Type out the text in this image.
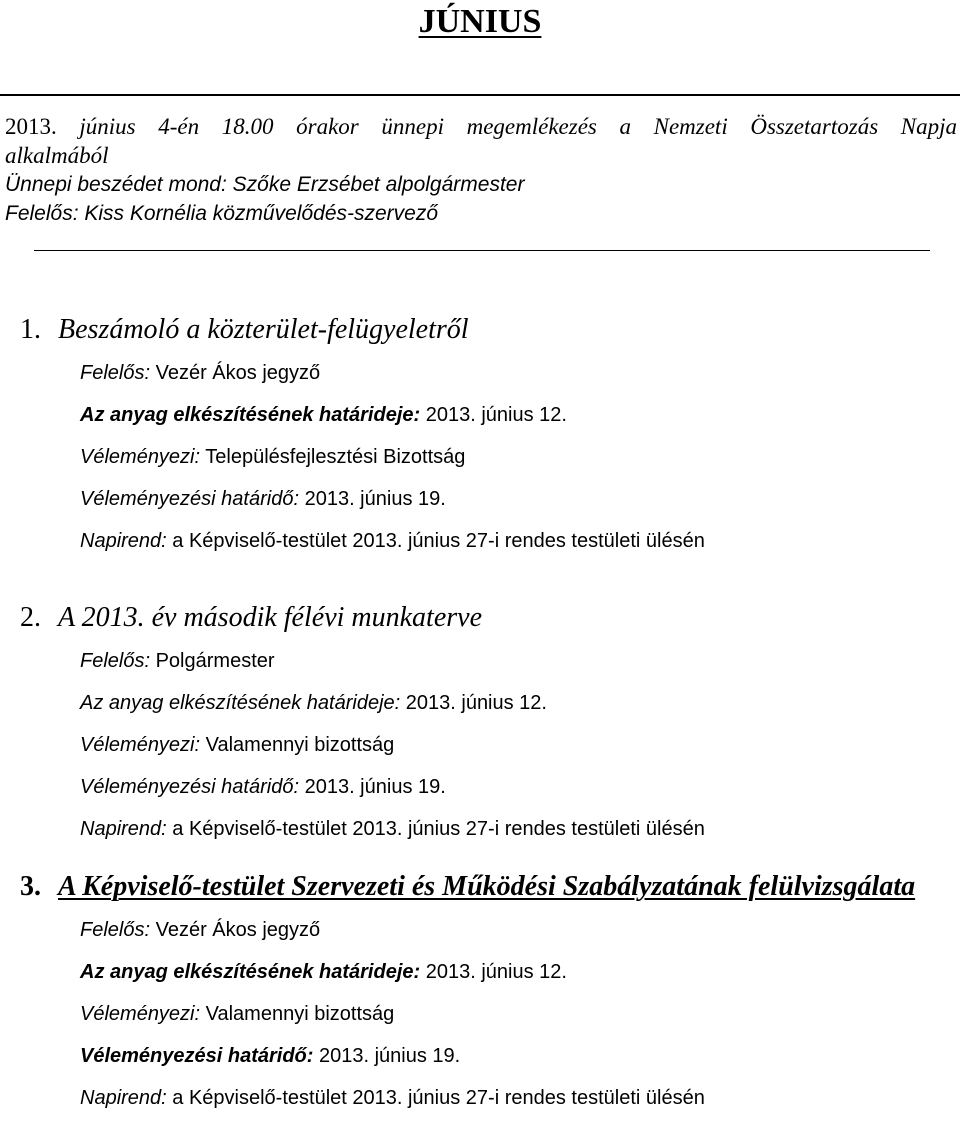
JÚNIUS
2013. június 4-én 18.00 órakor ünnepi megemlékezés a Nemzeti Összetartozás Napja
alkalmából
Ünnepi beszédet mond: Szőke Erzsébet alpolgármester
Felelős: Kiss Kornélia közművelődés-szervező
1. Beszámoló a közterület-felügyeletről
Felelős: Vezér Ákos jegyző
Az anyag elkészítésének határideje: 2013. június 12.
Véleményezi: Településfejlesztési Bizottság
Véleményezési határidő: 2013. június 19.
Napirend: a Képviselő-testület 2013. június 27-i rendes testületi ülésén
2. A 2013. év második félévi munkaterve
Felelős: Polgármester
Az anyag elkészítésének határideje: 2013. június 12.
Véleményezi: Valamennyi bizottság
Véleményezési határidő: 2013. június 19.
Napirend: a Képviselő-testület 2013. június 27-i rendes testületi ülésén
3. A Képviselő-testület Szervezeti és Működési Szabályzatának felülvizsgálata
Felelős: Vezér Ákos jegyző
Az anyag elkészítésének határideje: 2013. június 12.
Véleményezi: Valamennyi bizottság
Véleményezési határidő: 2013. június 19.
Napirend: a Képviselő-testület 2013. június 27-i rendes testületi ülésén
